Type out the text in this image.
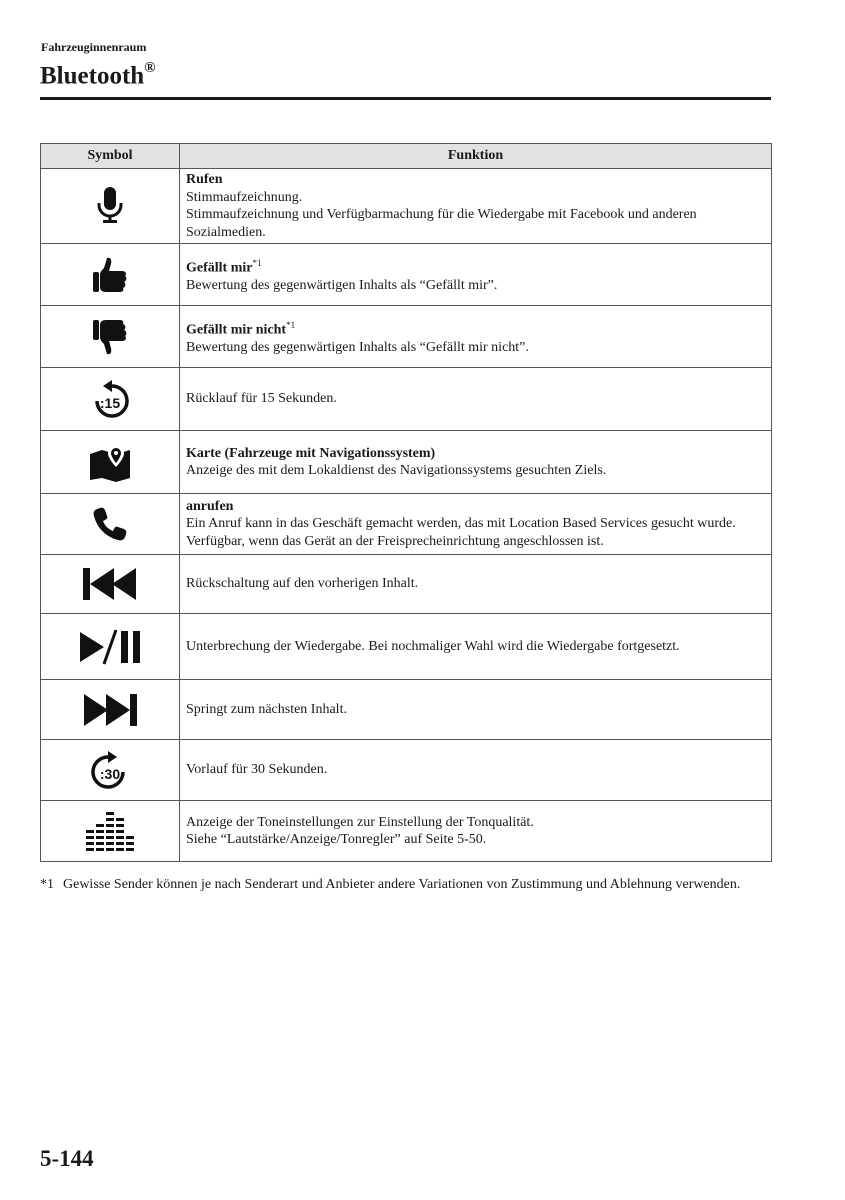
Fahrzeuginnenraum
Bluetooth®
Symbol	Funktion

Rufen
Stimmaufzeichnung.
Stimmaufzeichnung und Verfügbarmachung für die Wiedergabe mit Facebook und anderen Sozialmedien.

Gefällt mir$^{*1}$
Bewertung des gegenwärtigen Inhalts als “Gefällt mir”.

Gefällt mir nicht$^{*1}$
Bewertung des gegenwärtigen Inhalts als “Gefällt mir nicht”.

:15	Rücklauf für 15 Sekunden.

Karte (Fahrzeuge mit Navigationssystem)
Anzeige des mit dem Lokaldienst des Navigationssystems gesuchten Ziels.

anrufen
Ein Anruf kann in das Geschäft gemacht werden, das mit Location Based Services gesucht wurde. Verfügbar, wenn das Gerät an der Freisprecheinrichtung angeschlossen ist.

Rückschaltung auf den vorherigen Inhalt.

Unterbrechung der Wiedergabe. Bei nochmaliger Wahl wird die Wiedergabe fortgesetzt.

Springt zum nächsten Inhalt.

:30	Vorlauf für 30 Sekunden.

Anzeige der Toneinstellungen zur Einstellung der Tonqualität.
Siehe “Lautstärke/Anzeige/Tonregler” auf Seite 5-50.
*1 Gewisse Sender können je nach Senderart und Anbieter andere Variationen von Zustimmung und Ablehnung verwenden.
5-144
